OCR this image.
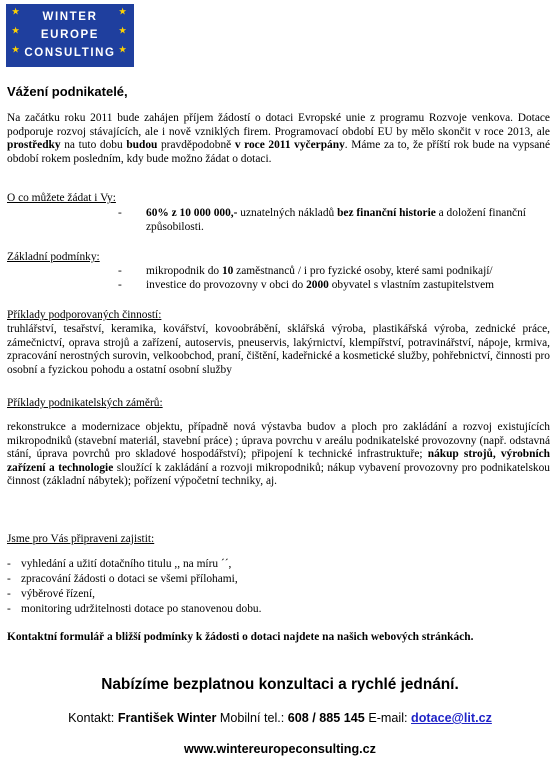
★	★
★	★
★	★
WINTER
EUROPE
CONSULTING

Vážení podnikatelé,

Na začátku roku 2011 bude zahájen příjem žádostí o dotaci Evropské unie z programu Rozvoje venkova. Dotace podporuje rozvoj stávajících, ale i nově vzniklých firem. Programovací období EU by mělo skončit v roce 2013, ale prostředky na tuto dobu budou pravděpodobně v roce 2011 vyčerpány. Máme za to, že příští rok bude na vypsané období rokem posledním, kdy bude možno žádat o dotaci.

O co můžete žádat i Vy:

- 60% z 10 000 000,- uznatelných nákladů bez finanční historie a doložení finanční způsobilosti.

Základní podmínky:

- mikropodnik do 10 zaměstnanců / i pro fyzické osoby, které sami podnikají/
- investice do provozovny v obci do 2000 obyvatel s vlastním zastupitelstvem

Příklady podporovaných činností:

truhlářství, tesařství, keramika, kovářství, kovoobrábění, sklářská výroba, plastikářská výroba, zednické práce, zámečnictví, oprava strojů a zařízení, autoservis, pneuservis, lakýrnictví, klempířství, potravinářství, nápoje, krmiva, zpracování nerostných surovin, velkoobchod, praní, čištění, kadeřnické a kosmetické služby, pohřebnictví, činnosti pro osobní a fyzickou pohodu a ostatní osobní služby

Příklady podnikatelských záměrů:

rekonstrukce a modernizace objektu, případně nová výstavba budov a ploch pro zakládání a rozvoj existujících mikropodniků (stavební materiál, stavební práce) ; úprava povrchu v areálu podnikatelské provozovny (např. odstavná stání, úprava povrchů pro skladové hospodářství); připojení k technické infrastruktuře; nákup strojů, výrobních zařízení a technologie sloužící k zakládání a rozvoji mikropodniků; nákup vybavení provozovny pro podnikatelskou činnost (základní nábytek); pořízení výpočetní techniky, aj.

Jsme pro Vás připraveni zajistit:

- vyhledání a užití dotačního titulu ,, na míru ´´,
- zpracování žádosti o dotaci se všemi přílohami,
- výběrové řízení,
- monitoring udržitelnosti dotace po stanovenou dobu.

Kontaktní formulář a bližší podmínky k žádosti o dotaci najdete na našich webových stránkách.

Nabízíme bezplatnou konzultaci a rychlé jednání.

Kontakt: František Winter Mobilní tel.: 608 / 885 145 E-mail: dotace@lit.cz

www.wintereuropeconsulting.cz
